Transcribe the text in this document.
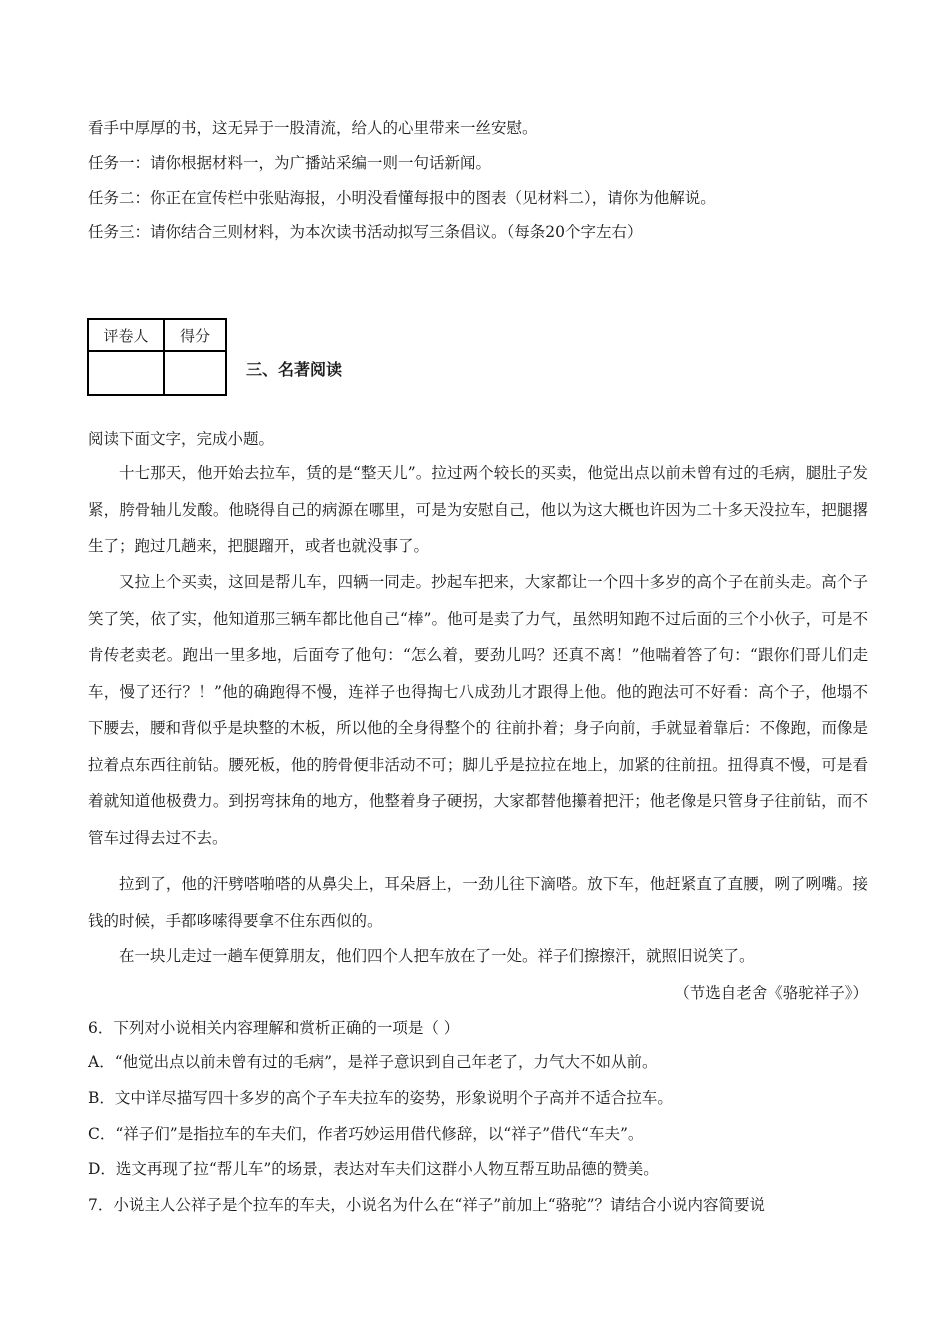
看手中厚厚的书，这无异于一股清流，给人的心里带来一丝安慰。
任务一：请你根据材料一，为广播站采编一则一句话新闻。
任务二：你正在宣传栏中张贴海报，小明没看懂每报中的图表（见材料二），请你为他解说。
任务三：请你结合三则材料，为本次读书活动拟写三条倡议。（每条20个字左右）
评卷人	得分

三、名著阅读
阅读下面文字，完成小题。
十七那天，他开始去拉车，赁的是“整天儿”。拉过两个较长的买卖，他觉出点以前未曾有过的毛病，腿肚子发紧，胯骨轴儿发酸。他晓得自己的病源在哪里，可是为安慰自己，他以为这大概也许因为二十多天没拉车，把腿撂生了；跑过几趟来，把腿蹓开，或者也就没事了。
又拉上个买卖，这回是帮儿车，四辆一同走。抄起车把来，大家都让一个四十多岁的高个子在前头走。高个子笑了笑，依了实，他知道那三辆车都比他自己“棒”。他可是卖了力气，虽然明知跑不过后面的三个小伙子，可是不肯传老卖老。跑出一里多地，后面夸了他句：“怎么着，要劲儿吗？还真不离！”他喘着答了句：“跟你们哥儿们走车，慢了还行？！”他的确跑得不慢，连祥子也得掏七八成劲儿才跟得上他。他的跑法可不好看：高个子，他塌不下腰去，腰和背似乎是块整的木板，所以他的全身得整个的 往前扑着；身子向前，手就显着靠后：不像跑，而像是拉着点东西往前钻。腰死板，他的胯骨便非活动不可；脚儿乎是拉拉在地上，加紧的往前扭。扭得真不慢，可是看着就知道他极费力。到拐弯抹角的地方，他整着身子硬拐，大家都替他攥着把汗；他老像是只管身子往前钻，而不管车过得去过不去。
拉到了，他的汗劈嗒啪嗒的从鼻尖上，耳朵唇上，一劲儿往下滴嗒。放下车，他赶紧直了直腰，咧了咧嘴。接钱的时候，手都哆嗦得要拿不住东西似的。
在一块儿走过一趟车便算朋友，他们四个人把车放在了一处。祥子们擦擦汗，就照旧说笑了。
（节选自老舍《骆驼祥子》）
6．下列对小说相关内容理解和赏析正确的一项是（ ）
A．“他觉出点以前未曾有过的毛病”，是祥子意识到自己年老了，力气大不如从前。
B．文中详尽描写四十多岁的高个子车夫拉车的姿势，形象说明个子高并不适合拉车。
C．“祥子们”是指拉车的车夫们，作者巧妙运用借代修辞，以“祥子”借代“车夫”。
D．选文再现了拉“帮儿车”的场景，表达对车夫们这群小人物互帮互助品德的赞美。
7．小说主人公祥子是个拉车的车夫，小说名为什么在“祥子”前加上“骆驼”？请结合小说内容简要说
